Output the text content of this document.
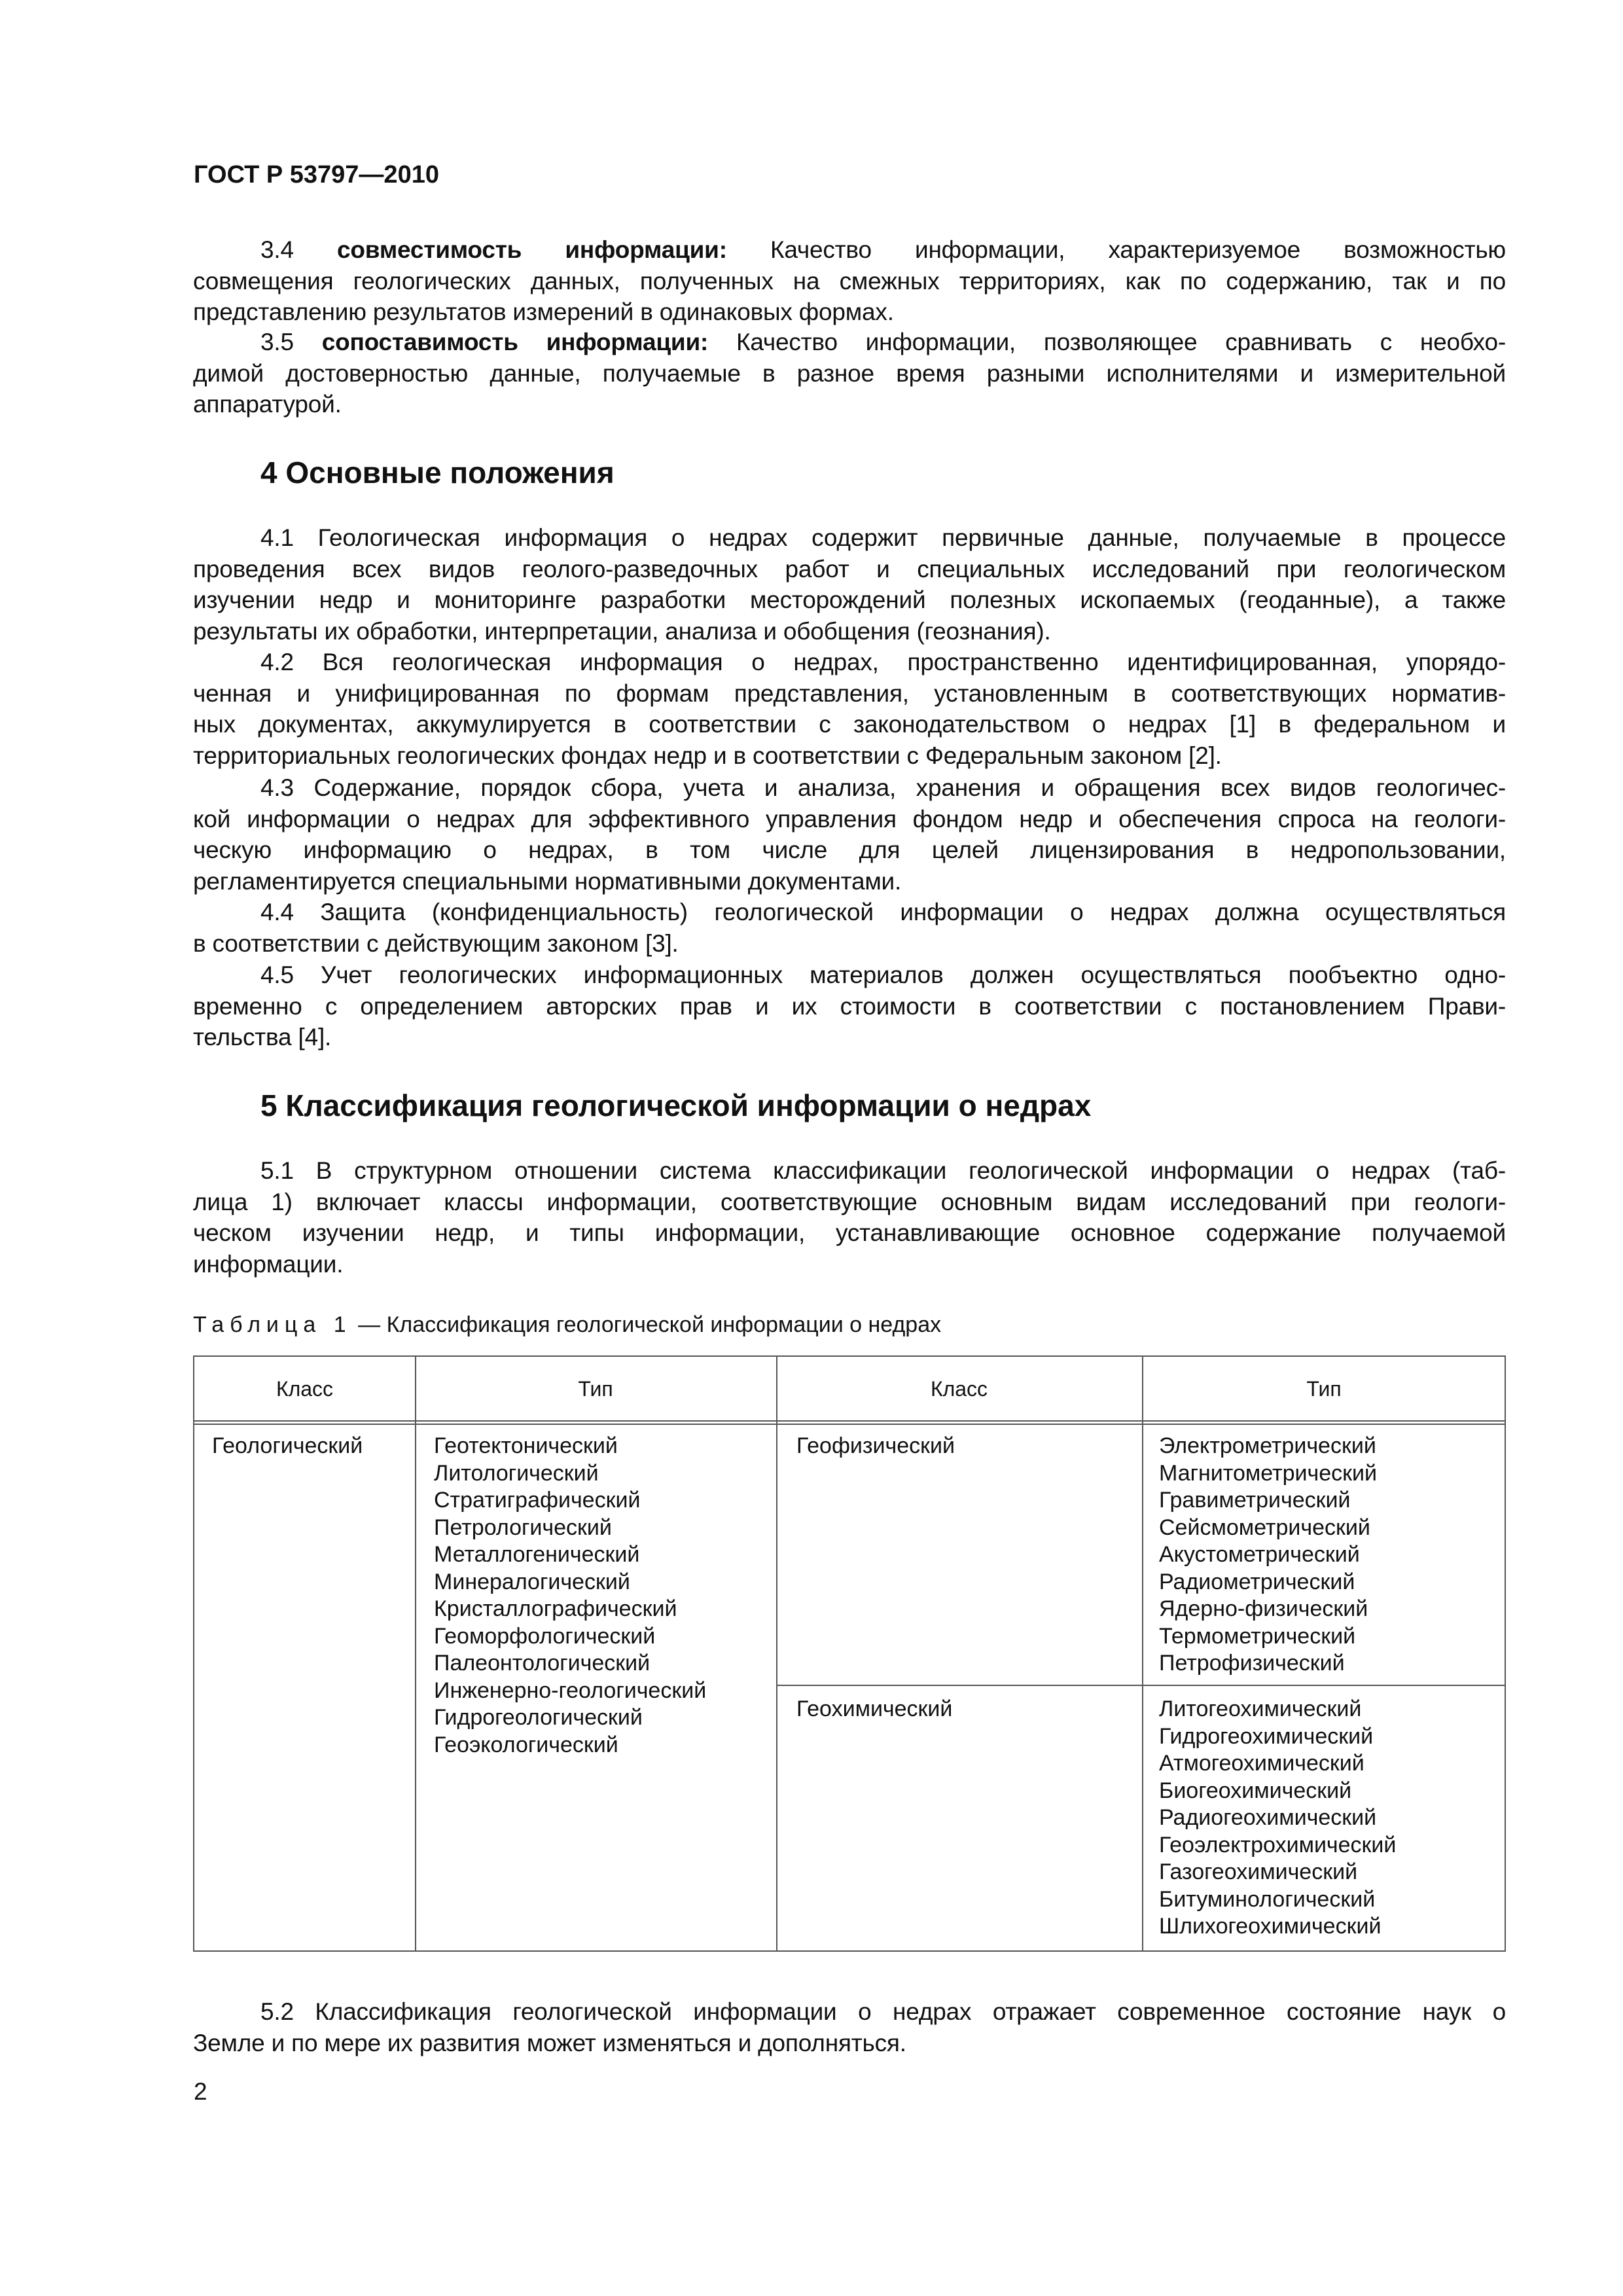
ГОСТ Р 53797—2010
3.4 совместимость информации: Качество информации, характеризуемое возможностью
совмещения геологических данных, полученных на смежных территориях, как по содержанию, так и по
представлению результатов измерений в одинаковых формах.
3.5 сопоставимость информации: Качество информации, позволяющее сравнивать с необхо-
димой достоверностью данные, получаемые в разное время разными исполнителями и измерительной
аппаратурой.
4 Основные положения
4.1 Геологическая информация о недрах содержит первичные данные, получаемые в процессе
проведения всех видов геолого-разведочных работ и специальных исследований при геологическом
изучении недр и мониторинге разработки месторождений полезных ископаемых (геоданные), а также
результаты их обработки, интерпретации, анализа и обобщения (геознания).
4.2 Вся геологическая информация о недрах, пространственно идентифицированная, упорядо-
ченная и унифицированная по формам представления, установленным в соответствующих норматив-
ных документах, аккумулируется в соответствии с законодательством о недрах [1] в федеральном и
территориальных геологических фондах недр и в соответствии с Федеральным законом [2].
4.3 Содержание, порядок сбора, учета и анализа, хранения и обращения всех видов геологичес-
кой информации о недрах для эффективного управления фондом недр и обеспечения спроса на геологи-
ческую информацию о недрах, в том числе для целей лицензирования в недропользовании,
регламентируется специальными нормативными документами.
4.4 Защита (конфиденциальность) геологической информации о недрах должна осуществляться
в соответствии с действующим законом [3].
4.5 Учет геологических информационных материалов должен осуществляться пообъектно одно-
временно с определением авторских прав и их стоимости в соответствии с постановлением Прави-
тельства [4].
5 Классификация геологической информации о недрах
5.1 В структурном отношении система классификации геологической информации о недрах (таб-
лица 1) включает классы информации, соответствующие основным видам исследований при геологи-
ческом изучении недр, и типы информации, устанавливающие основное содержание получаемой
информации.
Таблица 1 — Классификация геологической информации о недрах
Класс	Тип	Класс	Тип
Геологический	Геотектонический
Литологический
Стратиграфический
Петрологический
Металлогенический
Минералогический
Кристаллографический
Геоморфологический
Палеонтологический
Инженерно-геологический
Гидрогеологический
Геоэкологический
Геофизический	Электрометрический
Магнитометрический
Гравиметрический
Сейсмометрический
Акустометрический
Радиометрический
Ядерно-физический
Термометрический
Петрофизический
Геохимический	Литогеохимический
Гидрогеохимический
Атмогеохимический
Биогеохимический
Радиогеохимический
Геоэлектрохимический
Газогеохимический
Битуминологический
Шлихогеохимический
5.2 Классификация геологической информации о недрах отражает современное состояние наук о
Земле и по мере их развития может изменяться и дополняться.
2
